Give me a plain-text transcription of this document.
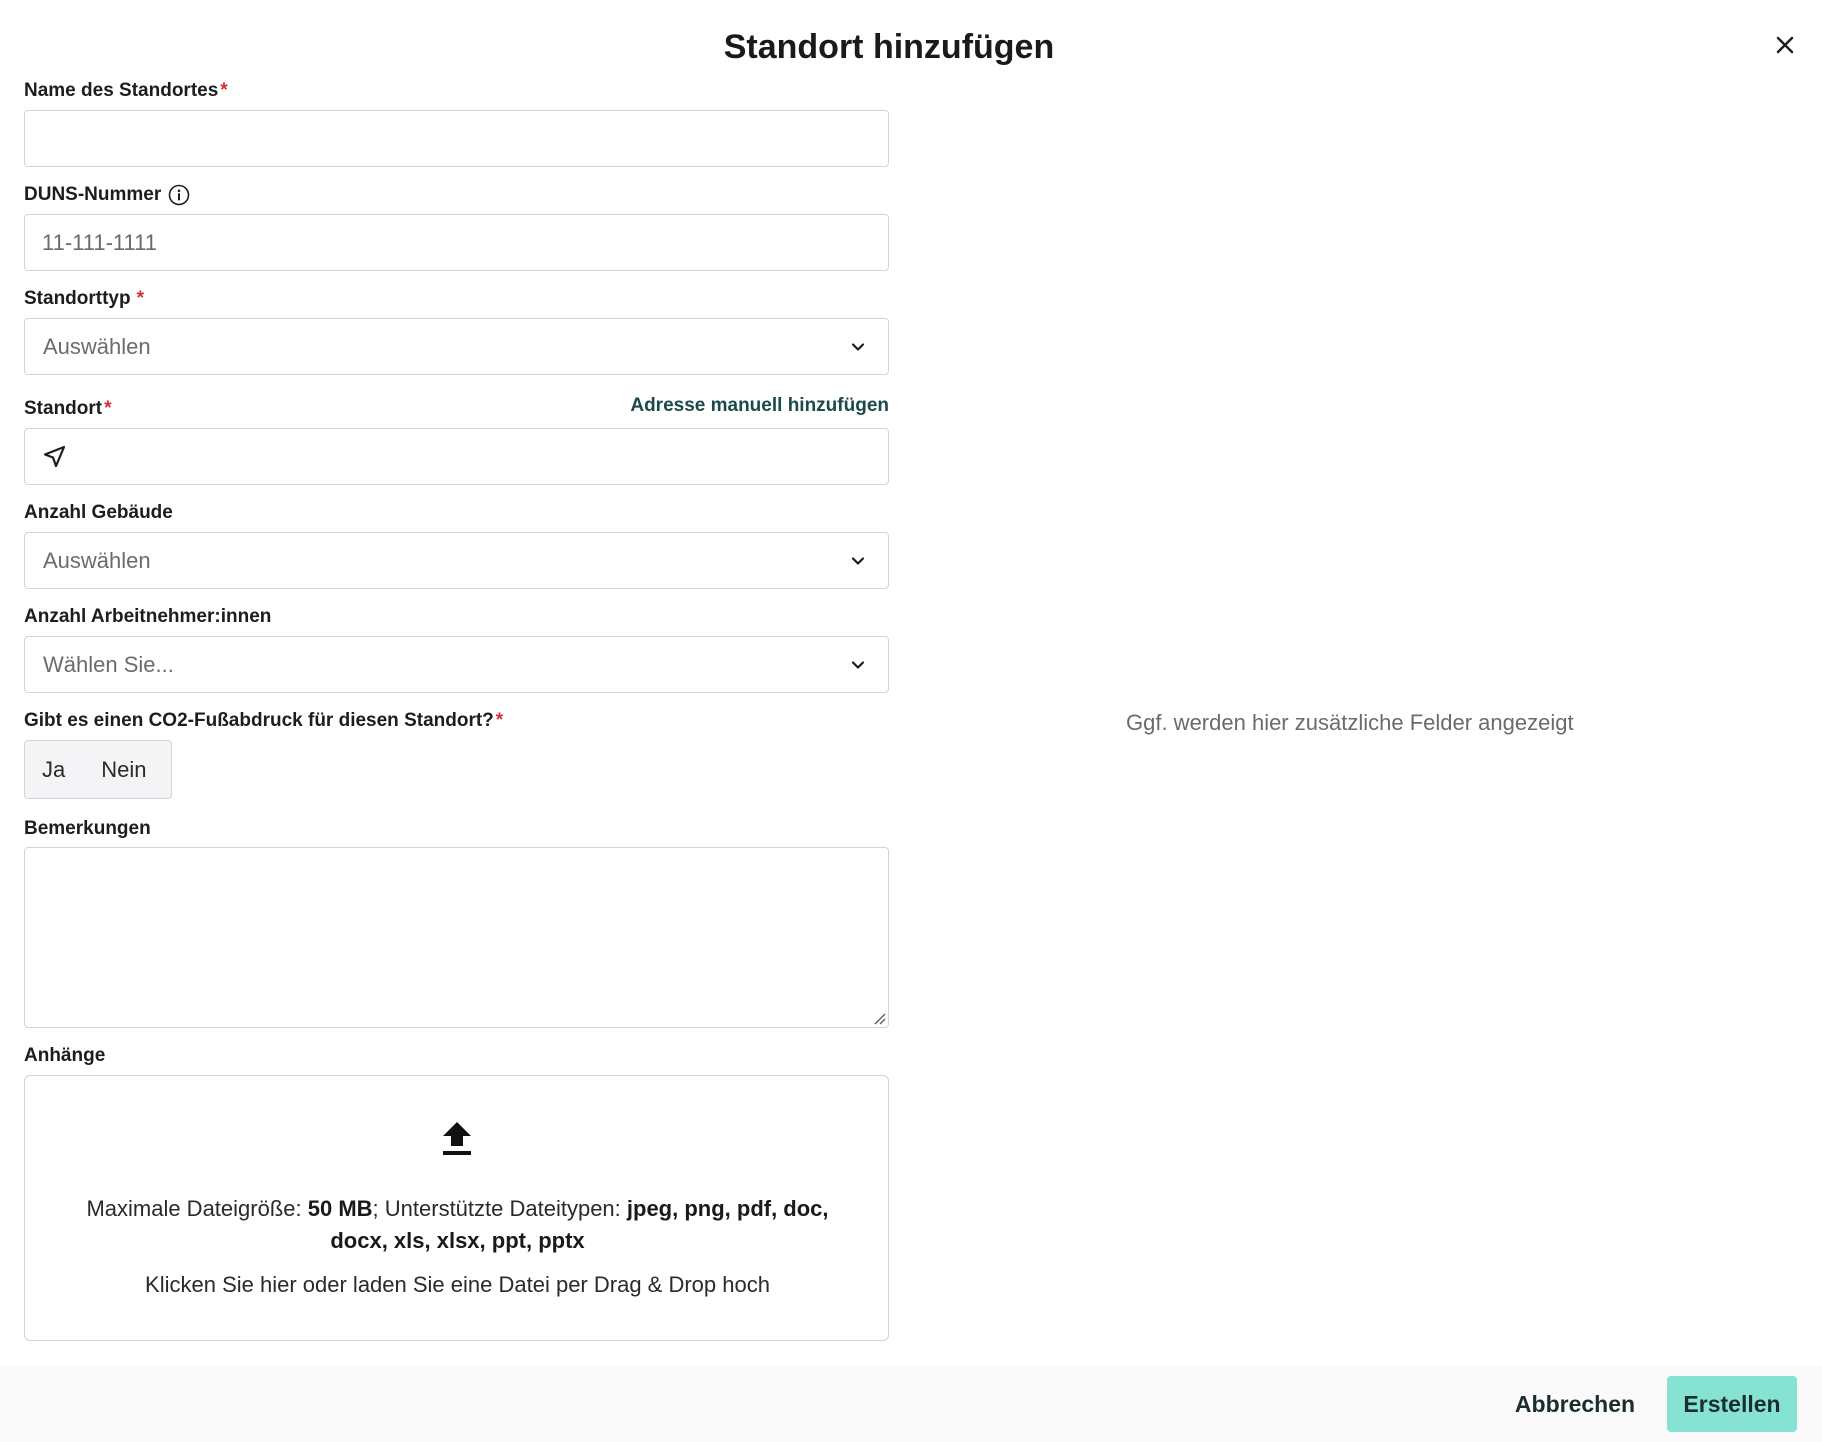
Standort hinzufügen
Name des Standortes *
DUNS-Nummer
11-111-1111
Standorttyp *
Auswählen
Standort *	Adresse manuell hinzufügen
Anzahl Gebäude
Auswählen
Anzahl Arbeitnehmer:innen
Wählen Sie...
Gibt es einen CO2-Fußabdruck für diesen Standort? *
Ja	Nein
Bemerkungen
Anhänge
Maximale Dateigröße: 50 MB; Unterstützte Dateitypen: jpeg, png, pdf, doc, docx, xls, xlsx, ppt, pptx
Klicken Sie hier oder laden Sie eine Datei per Drag & Drop hoch
Ggf. werden hier zusätzliche Felder angezeigt
Abbrechen	Erstellen
